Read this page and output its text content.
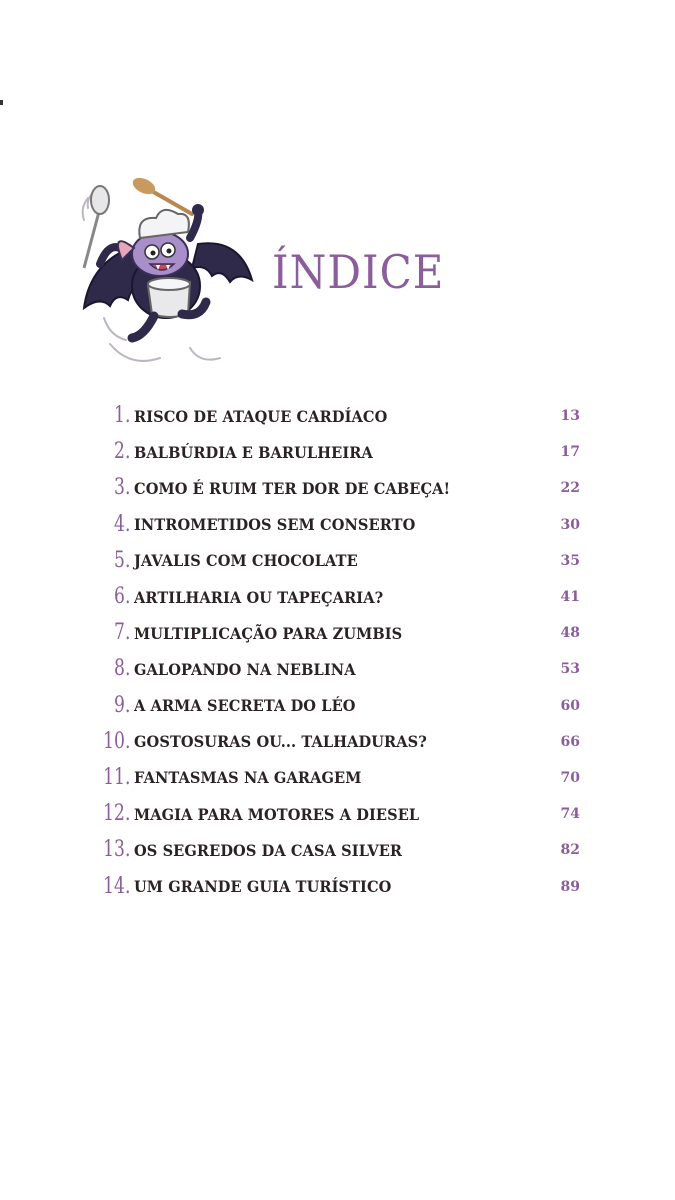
ÍNDICE
1. RISCO DE ATAQUE CARDÍACO	13
2. BALBÚRDIA E BARULHEIRA	17
3. COMO É RUIM TER DOR DE CABEÇA!	22
4. INTROMETIDOS SEM CONSERTO	30
5. JAVALIS COM CHOCOLATE	35
6. ARTILHARIA OU TAPEÇARIA?	41
7. MULTIPLICAÇÃO PARA ZUMBIS	48
8. GALOPANDO NA NEBLINA	53
9. A ARMA SECRETA DO LÉO	60
10. GOSTOSURAS OU... TALHADURAS?	66
11. FANTASMAS NA GARAGEM	70
12. MAGIA PARA MOTORES A DIESEL	74
13. OS SEGREDOS DA CASA SILVER	82
14. UM GRANDE GUIA TURÍSTICO	89
